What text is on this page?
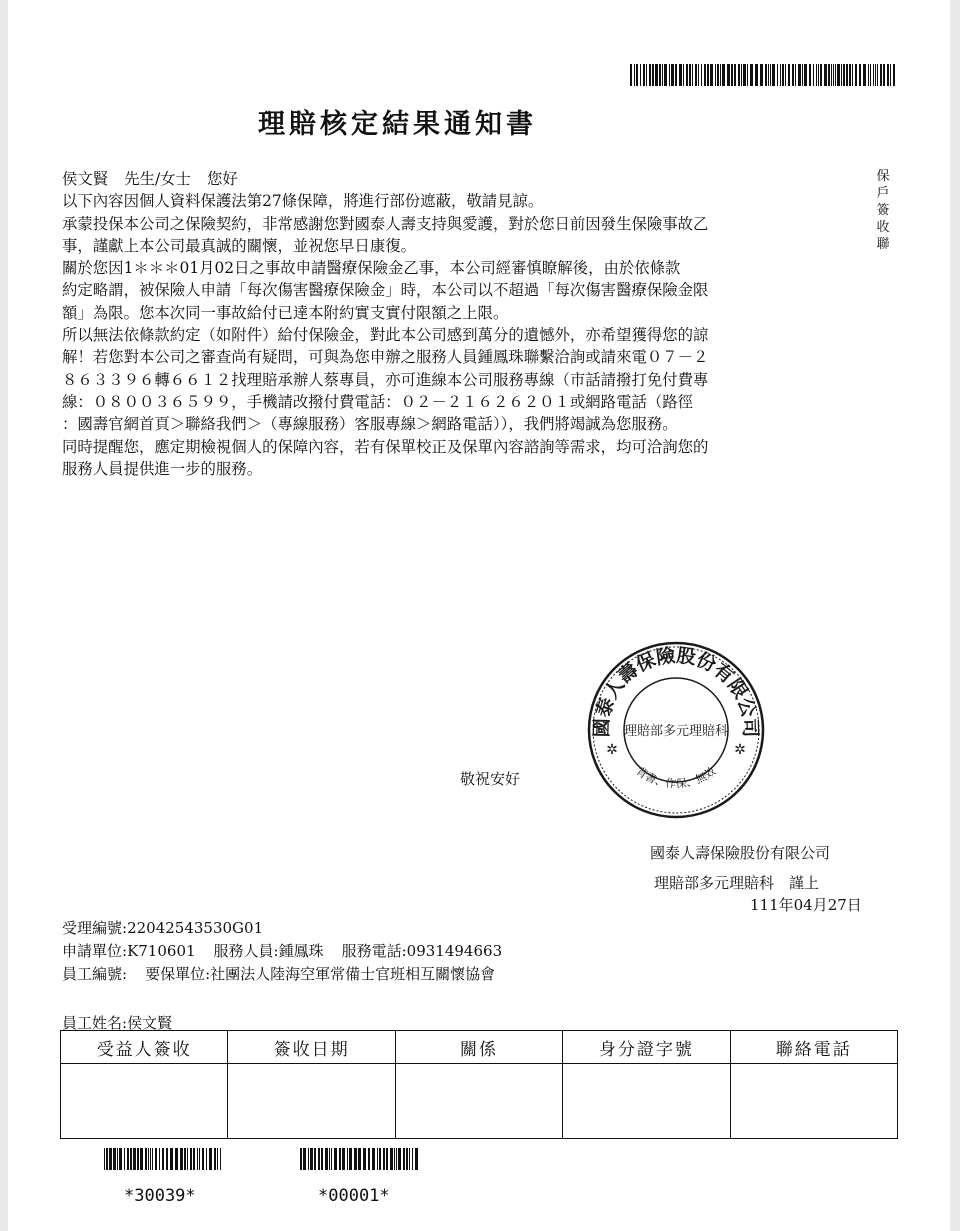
理賠核定結果通知書
保戶簽收聯

侯文賢 先生/女士 您好

以下內容因個人資料保護法第27條保障，將進行部份遮蔽，敬請見諒。

承蒙投保本公司之保險契約，非常感謝您對國泰人壽支持與愛護，對於您日前因發生保險事故乙

事，謹獻上本公司最真誠的關懷，並祝您早日康復。

關於您因1＊＊＊01月02日之事故申請醫療保險金乙事，本公司經審慎瞭解後，由於依條款

約定略謂，被保險人申請「每次傷害醫療保險金」時，本公司以不超過「每次傷害醫療保險金限

額」為限。您本次同一事故給付已達本附約實支實付限額之上限。

所以無法依條款約定（如附件）給付保險金，對此本公司感到萬分的遺憾外，亦希望獲得您的諒

解！若您對本公司之審查尚有疑問，可與為您申辦之服務人員鍾鳳珠聯繫洽詢或請來電０７－２

８６３３９６轉６６１２找理賠承辦人蔡專員，亦可進線本公司服務專線（市話請撥打免付費專

線：０８００３６５９９，手機請改撥付費電話：０２－２１６２６２０１或網路電話（路徑

：國壽官網首頁＞聯絡我們＞（專線服務）客服專線＞網路電話）），我們將竭誠為您服務。

同時提醒您，應定期檢視個人的保障內容，若有保單校正及保單內容諮詢等需求，均可洽詢您的

服務人員提供進一步的服務。

國泰人壽保險股份有限公司
背書、作保、無效
理賠部多元理賠科
✲	✲
敬祝安好
國泰人壽保險股份有限公司
理賠部多元理賠科　謹上
111年04月27日
受理編號:22042543530G01
申請單位:K710601 服務人員:鍾鳳珠 服務電話:0931494663
員工編號: 要保單位:社團法人陸海空軍常備士官班相互關懷協會
員工姓名:侯文賢
受益人簽收	簽收日期	關係	身分證字號	聯絡電話

*30039*	*00001*
